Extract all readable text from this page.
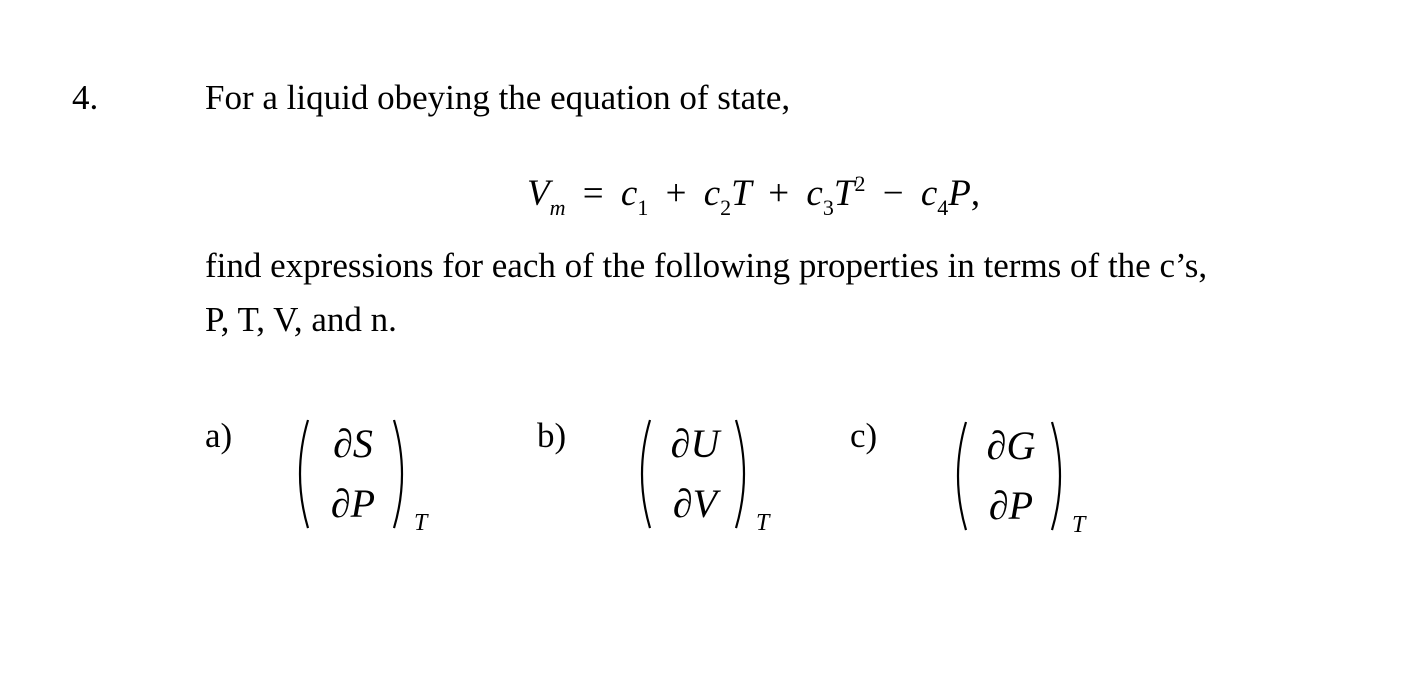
4.	For a liquid obeying the equation of state,
$V_m = c_1 + c_2T + c_3T^2 - c_4P$,
find expressions for each of the following properties in terms of the c’s,
P, T, V, and n.
a)	∂S
∂P	T
b)	∂U
∂V	T
c)	∂G
∂P	T
